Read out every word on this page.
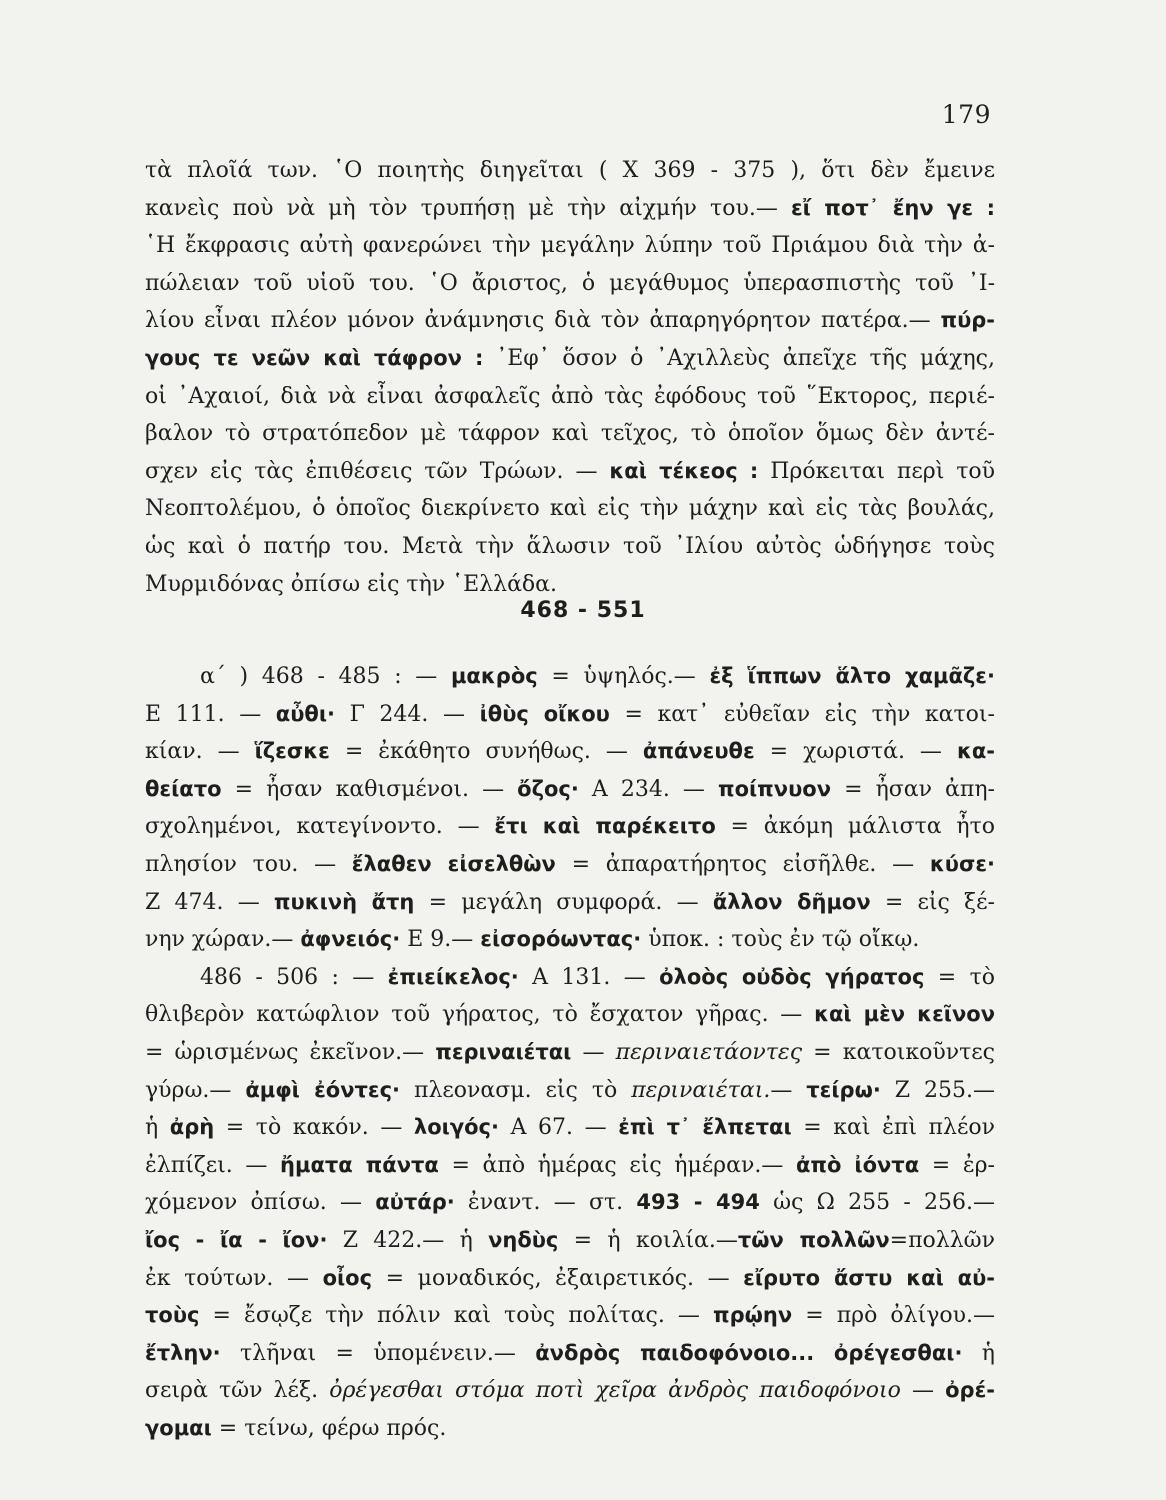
179
τὰ πλοῖά των. ῾Ο ποιητὴς διηγεῖται ( Χ 369 - 375 ), ὅτι δὲν ἔμεινε
κανεὶς ποὺ νὰ μὴ τὸν τρυπήσῃ μὲ τὴν αἰχμήν του.— εἴ ποτ᾽ ἔην γε :
῾Η ἔκφρασις αὐτὴ φανερώνει τὴν μεγάλην λύπην τοῦ Πριάμου διὰ τὴν ἀ-
πώλειαν τοῦ υἱοῦ του. ῾Ο ἄριστος, ὁ μεγάθυμος ὑπερασπιστὴς τοῦ ᾿Ι-
λίου εἶναι πλέον μόνον ἀνάμνησις διὰ τὸν ἀπαρηγόρητον πατέρα.— πύρ-
γους τε νεῶν καὶ τάφρον : ᾿Εφ᾽ ὅσον ὁ ᾿Αχιλλεὺς ἀπεῖχε τῆς μάχης,
οἱ ᾿Αχαιοί, διὰ νὰ εἶναι ἀσφαλεῖς ἀπὸ τὰς ἐφόδους τοῦ ῞Εκτορος, περιέ-
βαλον τὸ στρατόπεδον μὲ τάφρον καὶ τεῖχος, τὸ ὁποῖον ὅμως δὲν ἀντέ-
σχεν εἰς τὰς ἐπιθέσεις τῶν Τρώων. — καὶ τέκεος : Πρόκειται περὶ τοῦ
Νεοπτολέμου, ὁ ὁποῖος διεκρίνετο καὶ εἰς τὴν μάχην καὶ εἰς τὰς βουλάς,
ὡς καὶ ὁ πατήρ του. Μετὰ τὴν ἅλωσιν τοῦ ᾿Ιλίου αὐτὸς ὡδήγησε τοὺς
Μυρμιδόνας ὀπίσω εἰς τὴν ῾Ελλάδα.
468 - 551
α΄ ) 468 - 485 : — μακρὸς = ὑψηλός.— ἐξ ἵππων ἅλτο χαμᾶζε·
Ε 111. — αὖθι· Γ 244. — ἰθὺς οἴκου = κατ᾽ εὐθεῖαν εἰς τὴν κατοι-
κίαν. — ἵζεσκε = ἐκάθητο συνήθως. — ἀπάνευθε = χωριστά. — κα-
θείατο = ἦσαν καθισμένοι. — ὄζος· Α 234. — ποίπνυον = ἦσαν ἀπη-
σχολημένοι, κατεγίνοντο. — ἔτι καὶ παρέκειτο = ἀκόμη μάλιστα ἦτο
πλησίον του. — ἔλαθεν εἰσελθὼν = ἀπαρατήρητος εἰσῆλθε. — κύσε·
Ζ 474. — πυκινὴ ἄτη = μεγάλη συμφορά. — ἄλλον δῆμον = εἰς ξέ-
νην χώραν.— ἀφνειός· Ε 9.— εἰσορόωντας· ὑποκ. : τοὺς ἐν τῷ οἴκῳ.
486 - 506 : — ἐπιείκελος· Α 131. — ὀλοὸς οὐδὸς γήρατος = τὸ
θλιβερὸν κατώφλιον τοῦ γήρατος, τὸ ἔσχατον γῆρας. — καὶ μὲν κεῖνον
= ὡρισμένως ἐκεῖνον.— περιναιέται — περιναιετάοντες = κατοικοῦντες
γύρω.— ἀμφὶ ἐόντες· πλεονασμ. εἰς τὸ περιναιέται.— τείρω· Ζ 255.—
ἡ ἀρὴ = τὸ κακόν. — λοιγός· Α 67. — ἐπὶ τ᾽ ἔλπεται = καὶ ἐπὶ πλέον
ἐλπίζει. — ἤματα πάντα = ἀπὸ ἡμέρας εἰς ἡμέραν.— ἀπὸ ἰόντα = ἐρ-
χόμενον ὀπίσω. — αὐτάρ· ἐναντ. — στ. 493 - 494 ὡς Ω 255 - 256.—
ἴος - ἴα - ἴον· Ζ 422.— ἡ νηδὺς = ἡ κοιλία.—τῶν πολλῶν=πολλῶν
ἐκ τούτων. — οἶος = μοναδικός, ἐξαιρετικός. — εἴρυτο ἄστυ καὶ αὐ-
τοὺς = ἔσῳζε τὴν πόλιν καὶ τοὺς πολίτας. — πρῴην = πρὸ ὀλίγου.—
ἔτλην· τλῆναι = ὑπομένειν.— ἀνδρὸς παιδοφόνοιο... ὀρέγεσθαι· ἡ
σειρὰ τῶν λέξ. ὀρέγεσθαι στόμα ποτὶ χεῖρα ἀνδρὸς παιδοφόνοιο — ὀρέ-
γομαι = τείνω, φέρω πρός.
